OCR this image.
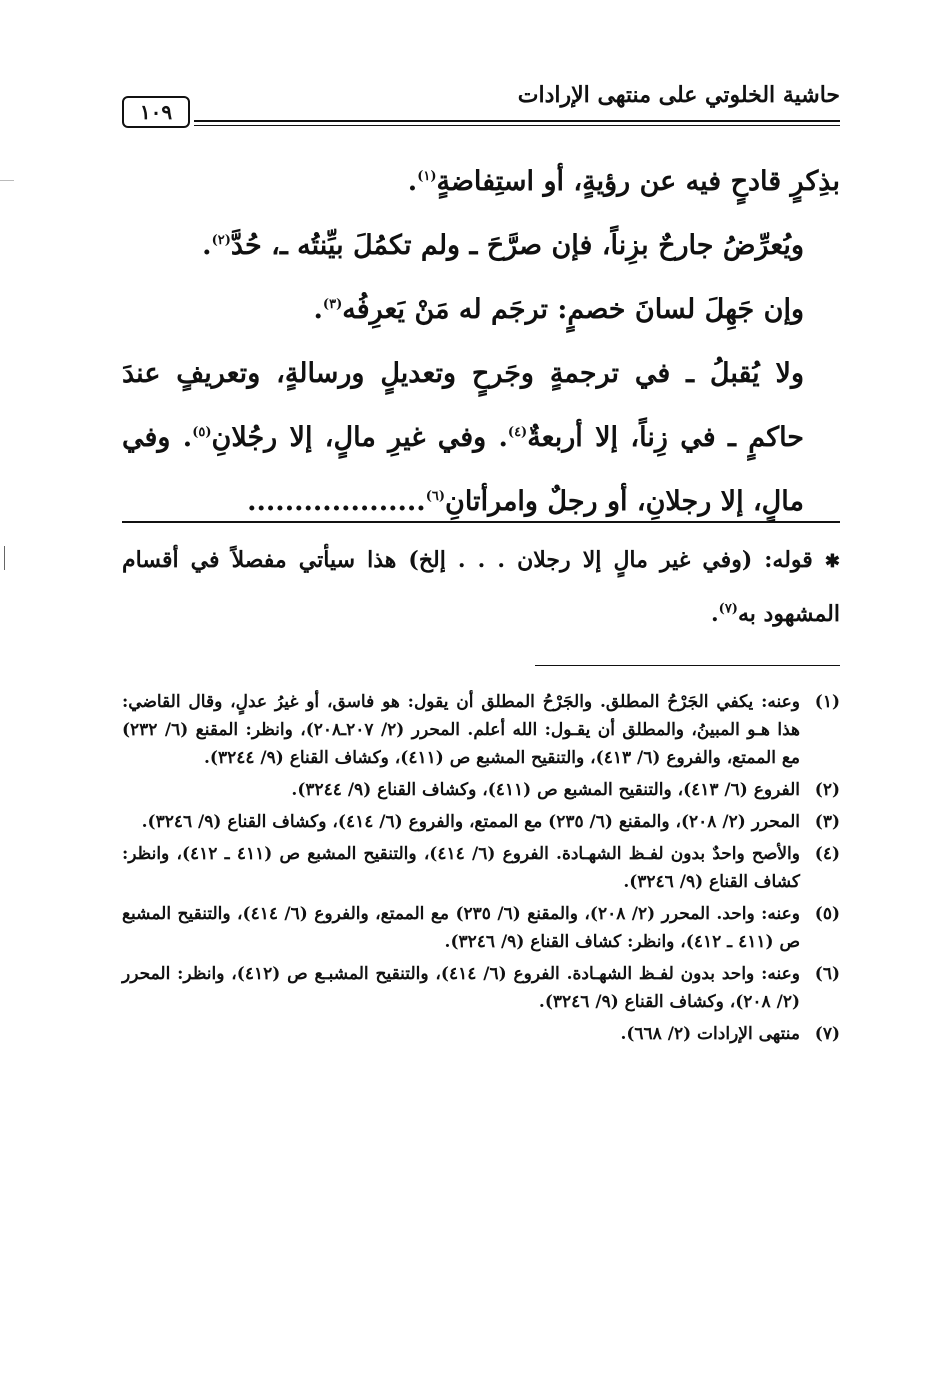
حاشية الخلوتي على منتهى الإرادات
١٠٩

بذِكرٍ قادحٍ فيه عن رؤيةٍ، أو استِفاضةٍ$^{(١)}$.

ويُعرِّضُ جارحٌ بزِناً، فإن صرَّحَ ـ ولم تكمُلَ بيِّنتُه ـ، حُدَّ$^{(٢)}$.

وإن جَهِلَ لسانَ خصمٍ: ترجَم له مَنْ يَعرِفُه$^{(٣)}$.

ولا يُقبلُ ـ في ترجمةٍ وجَرحٍ وتعديلٍ ورسالةٍ، وتعريفٍ عندَ حاكمٍ ـ في زِناً، إلا أربعةٌ$^{(٤)}$. وفي غيرِ مالٍ، إلا رجُلانِ$^{(٥)}$. وفي مالٍ، إلا رجلانِ، أو رجلٌ وامرأتانِ$^{(٦)}$...................

✱ قوله: (وفي غير مالٍ إلا رجلان . . . إلخ) هذا سيأتي مفصلاً في أقسام المشهود به$^{(٧)}$.

(١)
وعنه: يكفي الجَرْحُ المطلق. والجَرْحُ المطلق أن يقول: هو فاسق، أو غيرُ عدلٍ، وقال القاضي: هذا هـو المبينُ، والمطلق أن يقـول: الله أعلم. المحرر (٢/ ٢٠٧ـ٢٠٨)، وانظر: المقنع (٦/ ٢٣٢) مع الممتع، والفروع (٦/ ٤١٣)، والتنقيح المشبع ص (٤١١)، وكشاف القناع (٩/ ٣٢٤٤).
(٢)
الفروع (٦/ ٤١٣)، والتنقيح المشبع ص (٤١١)، وكشاف القناع (٩/ ٣٢٤٤).
(٣)
المحرر (٢/ ٢٠٨)، والمقنع (٦/ ٢٣٥) مع الممتع، والفروع (٦/ ٤١٤)، وكشاف القناع (٩/ ٣٢٤٦).
(٤)
والأصح واحدٌ بدون لفـظ الشهـادة. الفروع (٦/ ٤١٤)، والتنقيح المشبع ص (٤١١ ـ ٤١٢)، وانظر: كشاف القناع (٩/ ٣٢٤٦).
(٥)
وعنه: واحد. المحرر (٢/ ٢٠٨)، والمقنع (٦/ ٢٣٥) مع الممتع، والفروع (٦/ ٤١٤)، والتنقيح المشبع ص (٤١١ ـ ٤١٢)، وانظر: كشاف القناع (٩/ ٣٢٤٦).
(٦)
وعنه: واحد بدون لفـظ الشهـادة. الفروع (٦/ ٤١٤)، والتنقيح المشبـع ص (٤١٢)، وانظر: المحرر (٢/ ٢٠٨)، وكشاف القناع (٩/ ٣٢٤٦).
(٧)
منتهى الإرادات (٢/ ٦٦٨).
